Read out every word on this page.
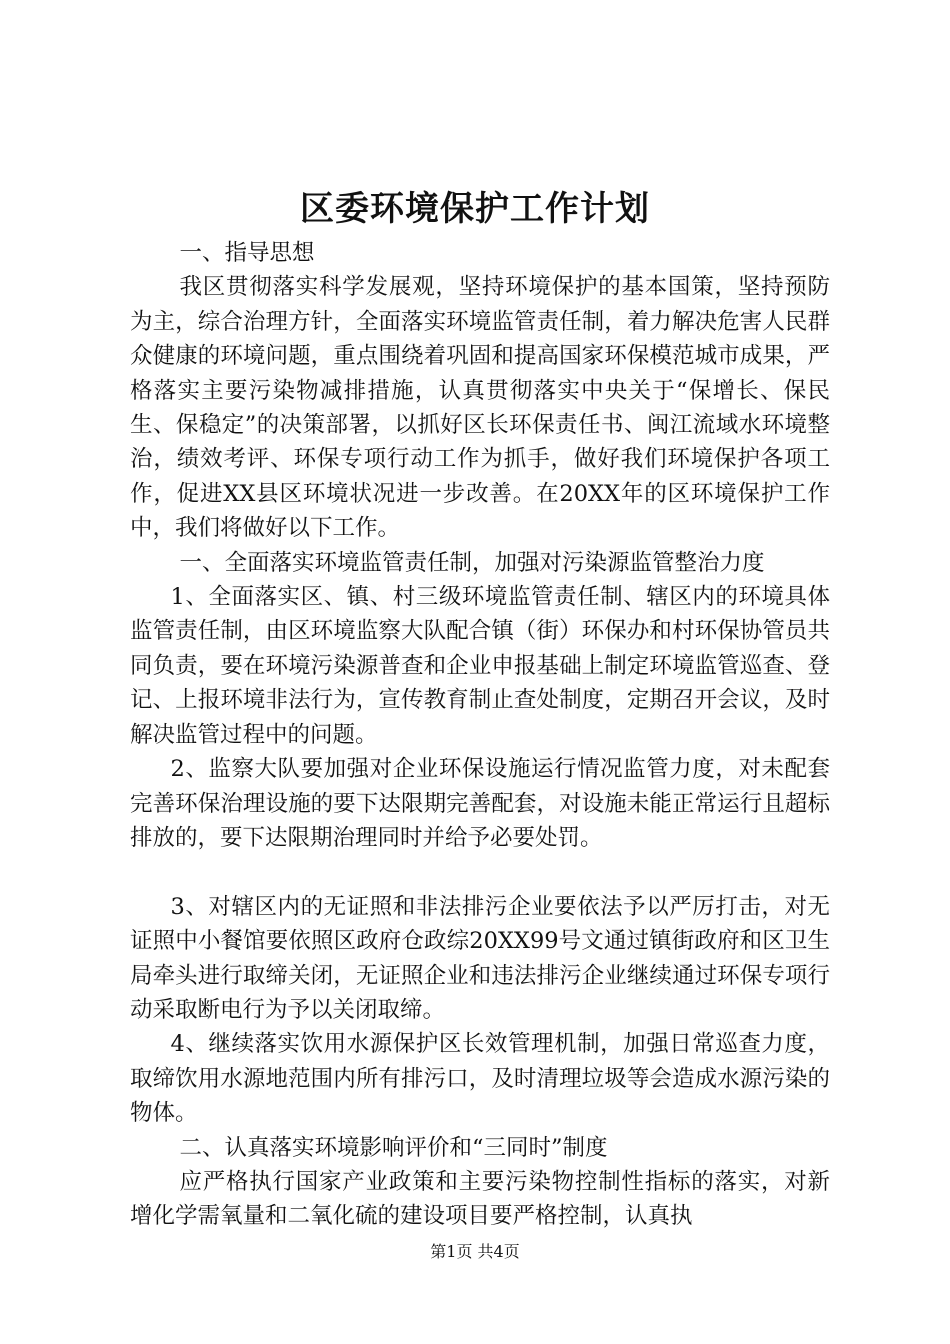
区委环境保护工作计划

一、指导思想

我区贯彻落实科学发展观，坚持环境保护的基本国策，坚持预防为主，综合治理方针，全面落实环境监管责任制，着力解决危害人民群众健康的环境问题，重点围绕着巩固和提高国家环保模范城市成果，严格落实主要污染物减排措施，认真贯彻落实中央关于“保增长、保民生、保稳定”的决策部署，以抓好区长环保责任书、闽江流域水环境整治，绩效考评、环保专项行动工作为抓手，做好我们环境保护各项工作，促进XX县区环境状况进一步改善。在20XX年的区环境保护工作中，我们将做好以下工作。

一、全面落实环境监管责任制，加强对污染源监管整治力度

1、全面落实区、镇、村三级环境监管责任制、辖区内的环境具体监管责任制，由区环境监察大队配合镇（街）环保办和村环保协管员共同负责，要在环境污染源普查和企业申报基础上制定环境监管巡查、登记、上报环境非法行为，宣传教育制止查处制度，定期召开会议，及时解决监管过程中的问题。

2、监察大队要加强对企业环保设施运行情况监管力度，对未配套完善环保治理设施的要下达限期完善配套，对设施未能正常运行且超标排放的，要下达限期治理同时并给予必要处罚。

3、对辖区内的无证照和非法排污企业要依法予以严厉打击，对无证照中小餐馆要依照区政府仓政综20XX99号文通过镇街政府和区卫生局牵头进行取缔关闭，无证照企业和违法排污企业继续通过环保专项行动采取断电行为予以关闭取缔。

4、继续落实饮用水源保护区长效管理机制，加强日常巡查力度，取缔饮用水源地范围内所有排污口，及时清理垃圾等会造成水源污染的物体。

二、认真落实环境影响评价和“三同时”制度

应严格执行国家产业政策和主要污染物控制性指标的落实，对新增化学需氧量和二氧化硫的建设项目要严格控制，认真执

第1页 共4页
